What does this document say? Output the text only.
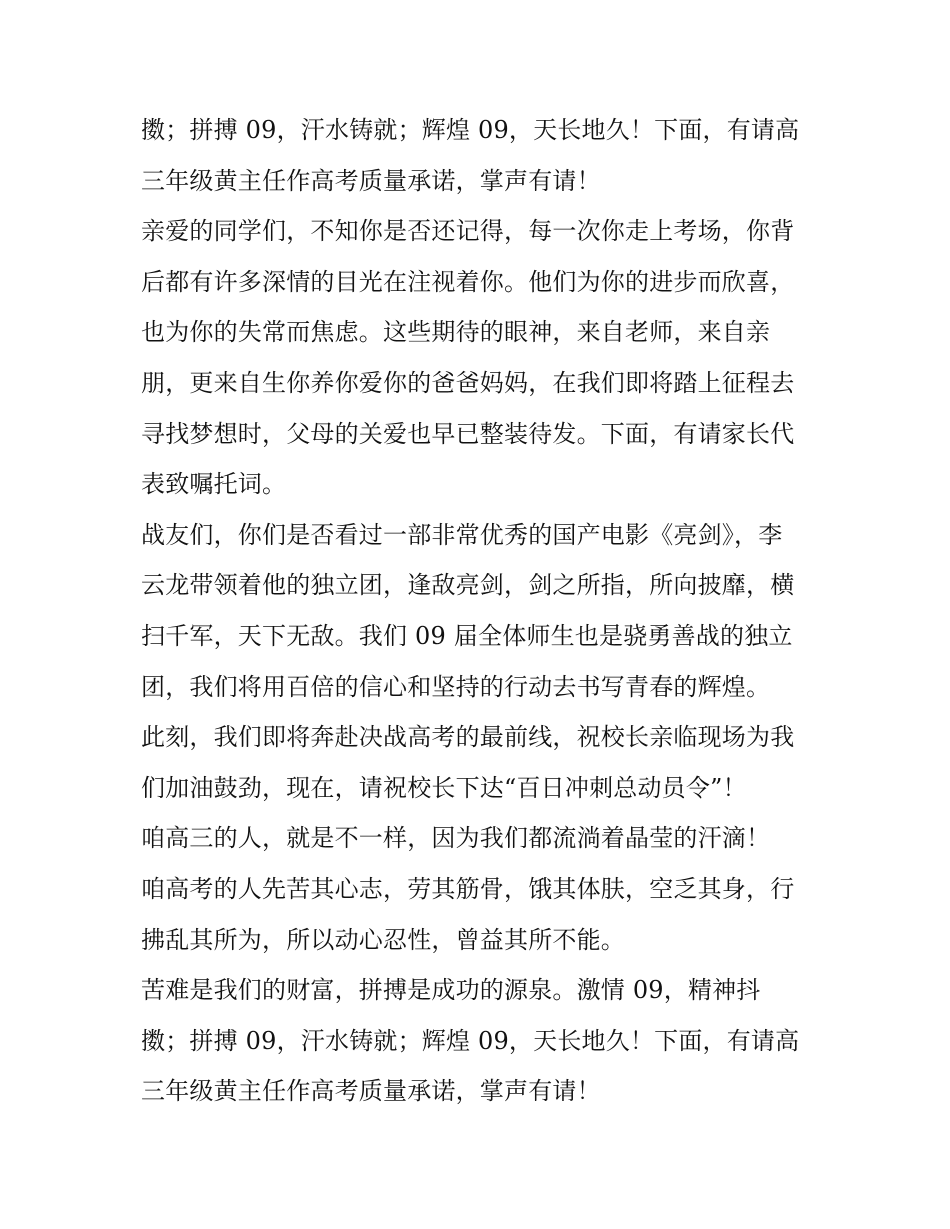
擞；拼搏 09，汗水铸就；辉煌 09，天长地久！下面，有请高
三年级黄主任作高考质量承诺，掌声有请！
亲爱的同学们，不知你是否还记得，每一次你走上考场，你背
后都有许多深情的目光在注视着你。他们为你的进步而欣喜，
也为你的失常而焦虑。这些期待的眼神，来自老师，来自亲
朋，更来自生你养你爱你的爸爸妈妈，在我们即将踏上征程去
寻找梦想时，父母的关爱也早已整装待发。下面，有请家长代
表致嘱托词。
战友们，你们是否看过一部非常优秀的国产电影《亮剑》，李
云龙带领着他的独立团，逢敌亮剑，剑之所指，所向披靡，横
扫千军，天下无敌。我们 09 届全体师生也是骁勇善战的独立
团，我们将用百倍的信心和坚持的行动去书写青春的辉煌。
此刻，我们即将奔赴决战高考的最前线，祝校长亲临现场为我
们加油鼓劲，现在，请祝校长下达“百日冲刺总动员令”！
咱高三的人，就是不一样，因为我们都流淌着晶莹的汗滴！
咱高考的人先苦其心志，劳其筋骨，饿其体肤，空乏其身，行
拂乱其所为，所以动心忍性，曾益其所不能。
苦难是我们的财富，拼搏是成功的源泉。激情 09，精神抖
擞；拼搏 09，汗水铸就；辉煌 09，天长地久！下面，有请高
三年级黄主任作高考质量承诺，掌声有请！
